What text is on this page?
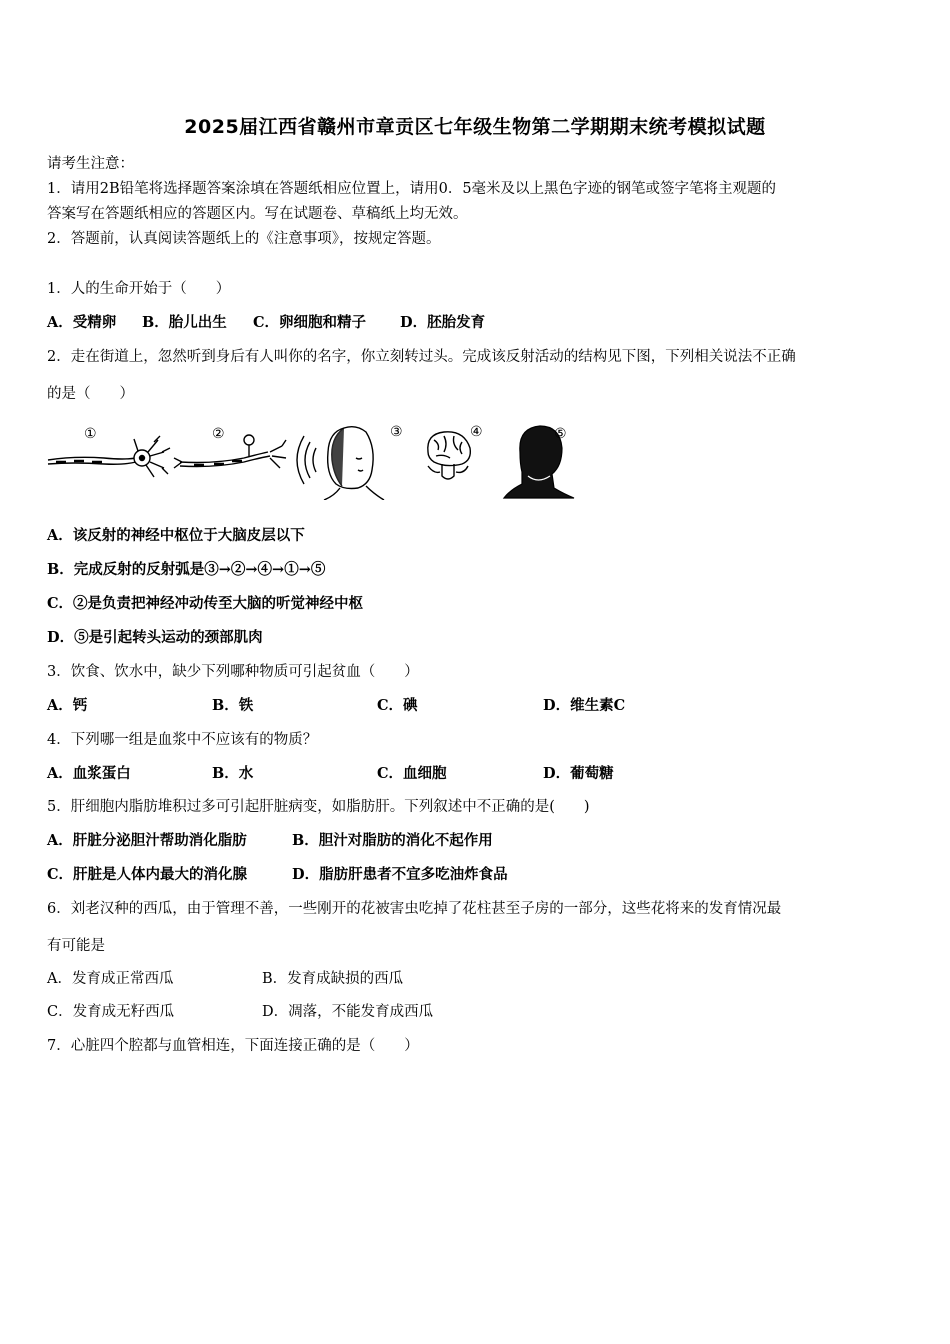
2025届江西省赣州市章贡区七年级生物第二学期期末统考模拟试题
请考生注意：
1．请用2B铅笔将选择题答案涂填在答题纸相应位置上，请用0．5毫米及以上黑色字迹的钢笔或签字笔将主观题的
答案写在答题纸相应的答题区内。写在试题卷、草稿纸上均无效。
2．答题前，认真阅读答题纸上的《注意事项》，按规定答题。
1．人的生命开始于（　　）
A．受精卵 B．胎儿出生 C．卵细胞和精子 D．胚胎发育
2．走在街道上，忽然听到身后有人叫你的名字，你立刻转过头。完成该反射活动的结构见下图，下列相关说法不正确
的是（　　）
①	②	③	④	⑤
A．该反射的神经中枢位于大脑皮层以下
B．完成反射的反射弧是③→②→④→①→⑤
C．②是负责把神经冲动传至大脑的听觉神经中枢
D．⑤是引起转头运动的颈部肌肉
3．饮食、饮水中，缺少下列哪种物质可引起贫血（　　）
A．钙	B．铁	C．碘	D．维生素C
4．下列哪一组是血浆中不应该有的物质？
A．血浆蛋白	B．水	C．血细胞	D．葡萄糖
5．肝细胞内脂肪堆积过多可引起肝脏病变，如脂肪肝。下列叙述中不正确的是(　　)
A．肝脏分泌胆汁帮助消化脂肪	B．胆汁对脂肪的消化不起作用
C．肝脏是人体内最大的消化腺	D．脂肪肝患者不宜多吃油炸食品
6．刘老汉种的西瓜，由于管理不善，一些刚开的花被害虫吃掉了花柱甚至子房的一部分，这些花将来的发育情况最
有可能是
A．发育成正常西瓜	B．发育成缺损的西瓜
C．发育成无籽西瓜	D．凋落，不能发育成西瓜
7．心脏四个腔都与血管相连，下面连接正确的是（　　）
